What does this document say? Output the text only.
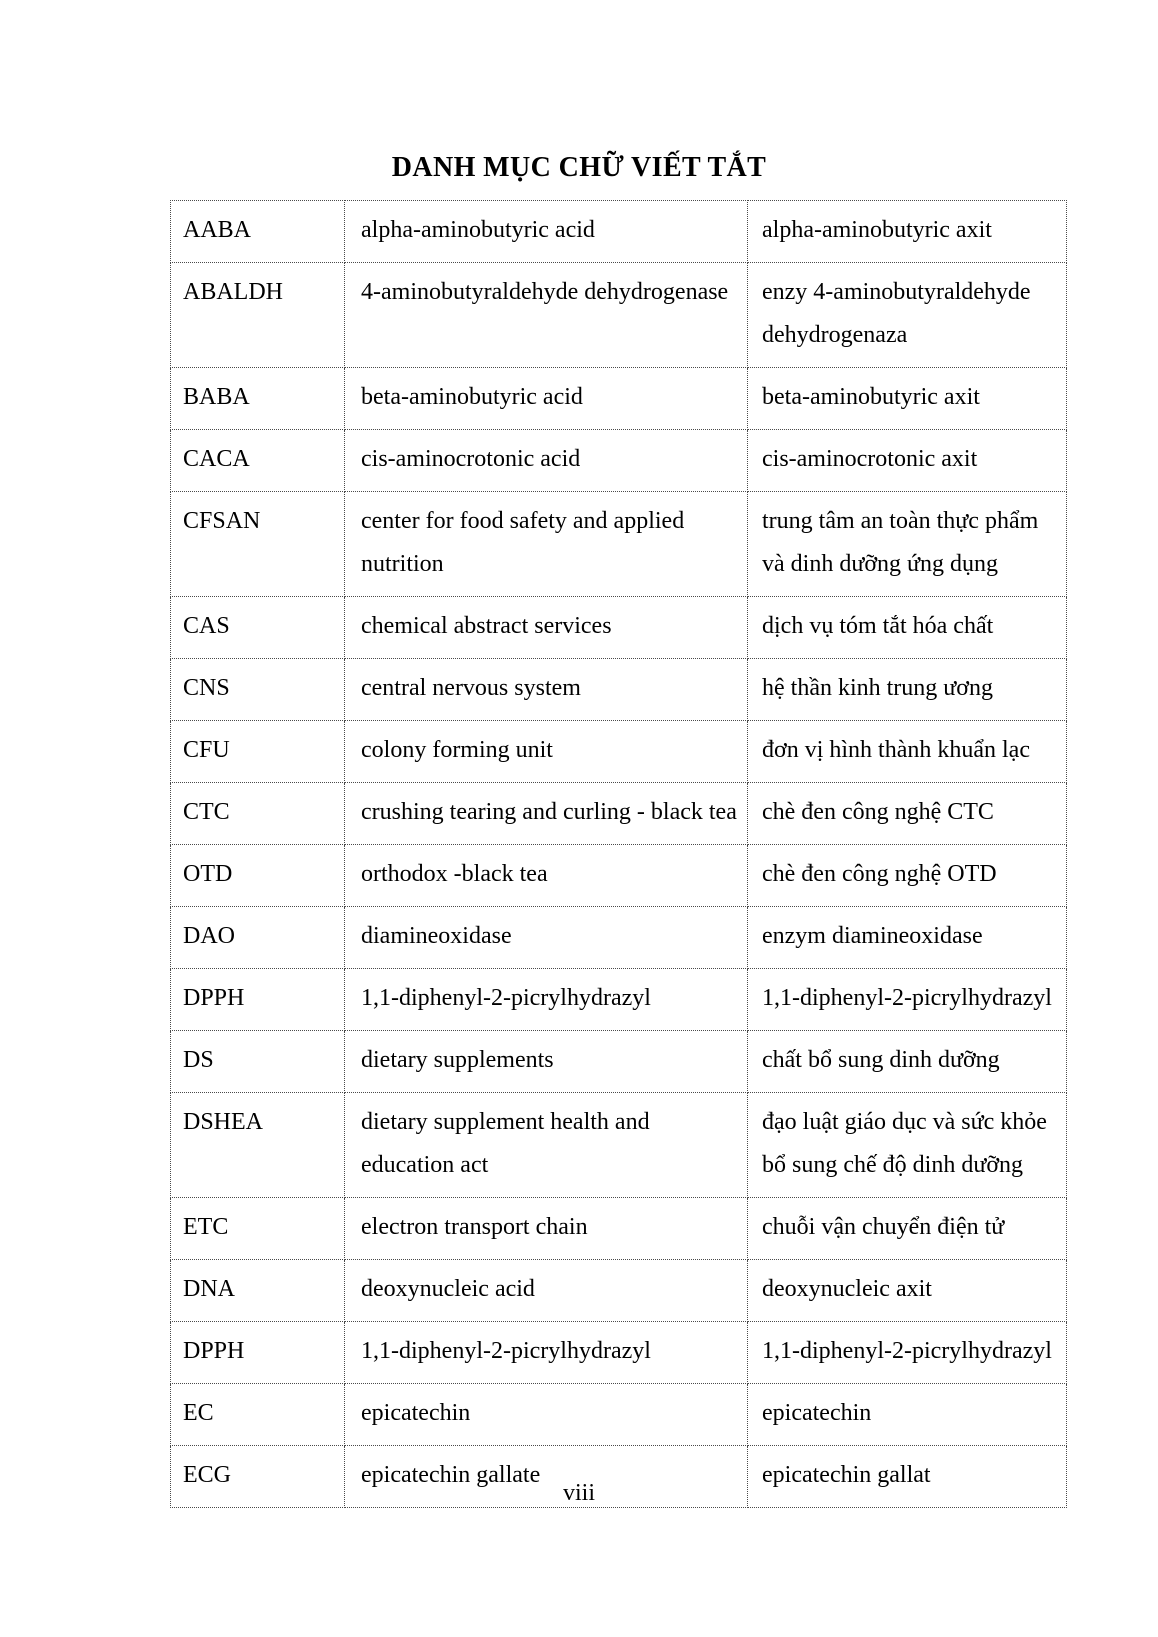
DANH MỤC CHỮ VIẾT TẮT
AABA	alpha-aminobutyric acid	alpha-aminobutyric axit
ABALDH	4-aminobutyraldehyde dehydrogenase	enzy 4-aminobutyraldehyde dehydrogenaza
BABA	beta-aminobutyric acid	beta-aminobutyric axit
CACA	cis-aminocrotonic acid	cis-aminocrotonic axit
CFSAN	center for food safety and applied nutrition	trung tâm an toàn thực phẩm và dinh dưỡng ứng dụng
CAS	chemical abstract services	dịch vụ tóm tắt hóa chất
CNS	central nervous system	hệ thần kinh trung ương
CFU	colony forming unit	đơn vị hình thành khuẩn lạc
CTC	crushing tearing and curling - black tea	chè đen công nghệ CTC
OTD	orthodox -black tea	chè đen công nghệ OTD
DAO	diamineoxidase	enzym diamineoxidase
DPPH	1,1-diphenyl-2-picrylhydrazyl	1,1-diphenyl-2-picrylhydrazyl
DS	dietary supplements	chất bổ sung dinh dưỡng
DSHEA	dietary supplement health and education act	đạo luật giáo dục và sức khỏe bổ sung chế độ dinh dưỡng
ETC	electron transport chain	chuỗi vận chuyển điện tử
DNA	deoxynucleic acid	deoxynucleic axit
DPPH	1,1-diphenyl-2-picrylhydrazyl	1,1-diphenyl-2-picrylhydrazyl
EC	epicatechin	epicatechin
ECG	epicatechin gallate	epicatechin gallat
viii
